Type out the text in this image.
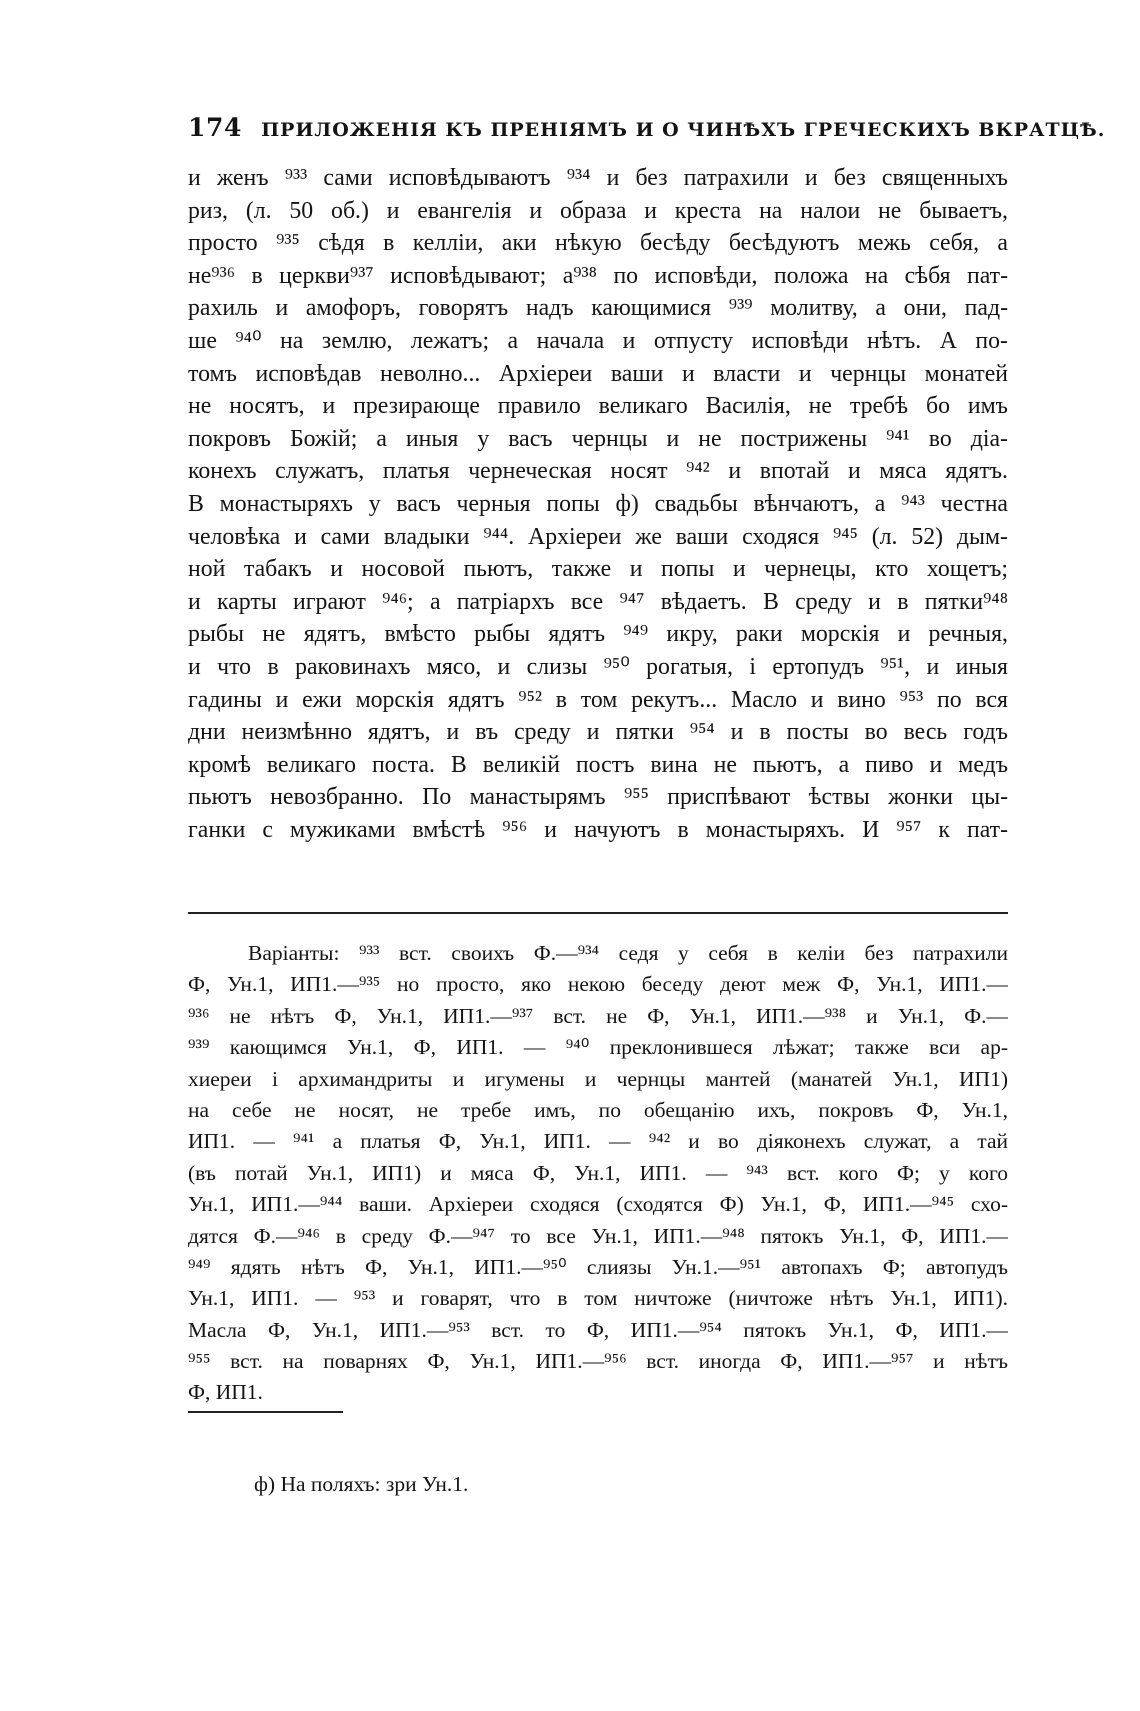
174 ПРИЛОЖЕНІЯ КЪ ПРЕНІЯМЪ И О ЧИНѢХЪ ГРЕЧЕСКИХЪ ВКРАТЦѢ.
и женъ ⁹³³ сами исповѣдываютъ ⁹³⁴ и без патрахили и без священныхъ
риз, (л. 50 об.) и евангелія и образа и креста на налои не бываетъ,
просто ⁹³⁵ сѣдя в келліи, аки нѣкую бесѣду бесѣдуютъ межь себя, а
не⁹³⁶ в церкви⁹³⁷ исповѣдывают; а⁹³⁸ по исповѣди, положа на сѣбя пат-
рахиль и амофоръ, говорятъ надъ кающимися ⁹³⁹ молитву, а они, пад-
ше ⁹⁴⁰ на землю, лежатъ; а начала и отпусту исповѣди нѣтъ. А по-
томъ исповѣдав неволно... Архіереи ваши и власти и чернцы монатей
не носятъ, и презирающе правило великаго Василія, не требѣ бо имъ
покровъ Божій; а иныя у васъ чернцы и не пострижены ⁹⁴¹ во діа-
конехъ служатъ, платья чернеческая носят ⁹⁴² и впотай и мяса ядятъ.
В монастыряхъ у васъ черныя попы ф) свадьбы вѣнчаютъ, а ⁹⁴³ честна
человѣка и сами владыки ⁹⁴⁴. Архіереи же ваши сходяся ⁹⁴⁵ (л. 52) дым-
ной табакъ и носовой пьютъ, также и попы и чернецы, кто хощетъ;
и карты играют ⁹⁴⁶; а патріархъ все ⁹⁴⁷ вѣдаетъ. В среду и в пятки⁹⁴⁸
рыбы не ядятъ, вмѣсто рыбы ядятъ ⁹⁴⁹ икру, раки морскія и речныя,
и что в раковинахъ мясо, и слизы ⁹⁵⁰ рогатыя, і ертопудъ ⁹⁵¹, и иныя
гадины и ежи морскія ядятъ ⁹⁵² в том рекутъ... Масло и вино ⁹⁵³ по вся
дни неизмѣнно ядятъ, и въ среду и пятки ⁹⁵⁴ и в посты во весь годъ
кромѣ великаго поста. В великій постъ вина не пьютъ, а пиво и медъ
пьютъ невозбранно. По манастырямъ ⁹⁵⁵ приспѣвают ѣствы жонки цы-
ганки с мужиками вмѣстѣ ⁹⁵⁶ и начуютъ в монастыряхъ. И ⁹⁵⁷ к пат-
Варіанты: ⁹³³ вст. своихъ Ф.—⁹³⁴ седя у себя в келіи без патрахили
Ф, Ун.1, ИП1.—⁹³⁵ но просто, яко некою беседу деют меж Ф, Ун.1, ИП1.—
⁹³⁶ не нѣтъ Ф, Ун.1, ИП1.—⁹³⁷ вст. не Ф, Ун.1, ИП1.—⁹³⁸ и Ун.1, Ф.—
⁹³⁹ кающимся Ун.1, Ф, ИП1. — ⁹⁴⁰ преклонившеся лѣжат; также вси ар-
хиереи і архимандриты и игумены и чернцы мантей (манатей Ун.1, ИП1)
на себе не носят, не требе имъ, по обещанію ихъ, покровъ Ф, Ун.1,
ИП1. — ⁹⁴¹ а платья Ф, Ун.1, ИП1. — ⁹⁴² и во діяконехъ служат, а тай
(въ потай Ун.1, ИП1) и мяса Ф, Ун.1, ИП1. — ⁹⁴³ вст. кого Ф; у кого
Ун.1, ИП1.—⁹⁴⁴ ваши. Архіереи сходяся (сходятся Ф) Ун.1, Ф, ИП1.—⁹⁴⁵ схо-
дятся Ф.—⁹⁴⁶ в среду Ф.—⁹⁴⁷ то все Ун.1, ИП1.—⁹⁴⁸ пятокъ Ун.1, Ф, ИП1.—
⁹⁴⁹ ядять нѣтъ Ф, Ун.1, ИП1.—⁹⁵⁰ слиязы Ун.1.—⁹⁵¹ автопахъ Ф; автопудъ
Ун.1, ИП1. — ⁹⁵³ и говарят, что в том ничтоже (ничтоже нѣтъ Ун.1, ИП1).
Масла Ф, Ун.1, ИП1.—⁹⁵³ вст. то Ф, ИП1.—⁹⁵⁴ пятокъ Ун.1, Ф, ИП1.—
⁹⁵⁵ вст. на поварнях Ф, Ун.1, ИП1.—⁹⁵⁶ вст. иногда Ф, ИП1.—⁹⁵⁷ и нѣтъ
Ф, ИП1.
ф) На поляхъ: зри Ун.1.
